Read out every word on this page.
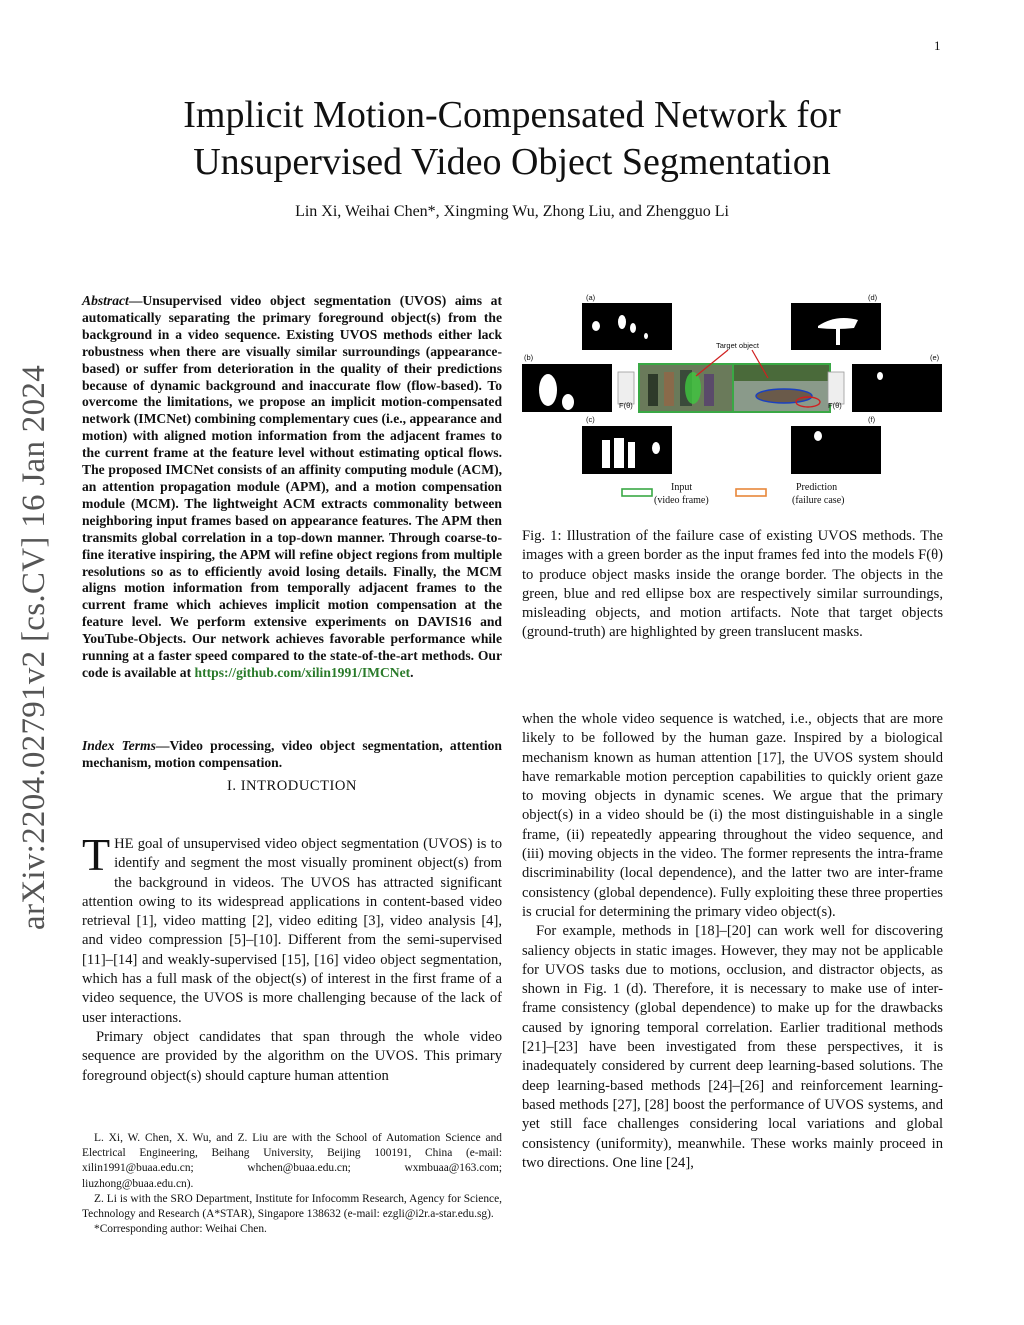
1
arXiv:2204.02791v2 [cs.CV] 16 Jan 2024
Implicit Motion-Compensated Network for
Unsupervised Video Object Segmentation
Lin Xi, Weihai Chen*, Xingming Wu, Zhong Liu, and Zhengguo Li
Abstract—Unsupervised video object segmentation (UVOS) aims at automatically separating the primary foreground object(s) from the background in a video sequence. Existing UVOS methods either lack robustness when there are visually similar surroundings (appearance-based) or suffer from deterioration in the quality of their predictions because of dynamic background and inaccurate flow (flow-based). To overcome the limitations, we propose an implicit motion-compensated network (IMCNet) combining complementary cues (i.e., appearance and motion) with aligned motion information from the adjacent frames to the current frame at the feature level without estimating optical flows. The proposed IMCNet consists of an affinity computing module (ACM), an attention propagation module (APM), and a motion compensation module (MCM). The lightweight ACM extracts commonality between neighboring input frames based on appearance features. The APM then transmits global correlation in a top-down manner. Through coarse-to-fine iterative inspiring, the APM will refine object regions from multiple resolutions so as to efficiently avoid losing details. Finally, the MCM aligns motion information from temporally adjacent frames to the current frame which achieves implicit motion compensation at the feature level. We perform extensive experiments on DAVIS16 and YouTube-Objects. Our network achieves favorable performance while running at a faster speed compared to the state-of-the-art methods. Our code is available at https://github.com/xilin1991/IMCNet.
Index Terms—Video processing, video object segmentation, attention mechanism, motion compensation.
I. INTRODUCTION

THE goal of unsupervised video object segmentation (UVOS) is to identify and segment the most visually prominent object(s) from the background in videos. The UVOS has attracted significant attention owing to its widespread applications in content-based video retrieval [1], video matting [2], video editing [3], video analysis [4], and video compression [5]–[10]. Different from the semi-supervised [11]–[14] and weakly-supervised [15], [16] video object segmentation, which has a full mask of the object(s) of interest in the first frame of a video sequence, the UVOS is more challenging because of the lack of user interactions.

Primary object candidates that span through the whole video sequence are provided by the algorithm on the UVOS. This primary foreground object(s) should capture human attention

L. Xi, W. Chen, X. Wu, and Z. Liu are with the School of Automation Science and Electrical Engineering, Beihang University, Beijing 100191, China (e-mail: xilin1991@buaa.edu.cn; whchen@buaa.edu.cn; wxmbuaa@163.com; liuzhong@buaa.edu.cn).

Z. Li is with the SRO Department, Institute for Infocomm Research, Agency for Science, Technology and Research (A*STAR), Singapore 138632 (e-mail: ezgli@i2r.a-star.edu.sg).

*Corresponding author: Weihai Chen.

(a)	(d)
(b)	(e)
(c)	(f)
F(θ)	F(θ)
Target object
Input
(video frame)
Prediction
(failure case)
Fig. 1: Illustration of the failure case of existing UVOS methods. The images with a green border as the input frames fed into the models F(θ) to produce object masks inside the orange border. The objects in the green, blue and red ellipse box are respectively similar surroundings, misleading objects, and motion artifacts. Note that target objects (ground-truth) are highlighted by green translucent masks.

when the whole video sequence is watched, i.e., objects that are more likely to be followed by the human gaze. Inspired by a biological mechanism known as human attention [17], the UVOS system should have remarkable motion perception capabilities to quickly orient gaze to moving objects in dynamic scenes. We argue that the primary object(s) in a video should be (i) the most distinguishable in a single frame, (ii) repeatedly appearing throughout the video sequence, and (iii) moving objects in the video. The former represents the intra-frame discriminability (local dependence), and the latter two are inter-frame consistency (global dependence). Fully exploiting these three properties is crucial for determining the primary video object(s).

For example, methods in [18]–[20] can work well for discovering saliency objects in static images. However, they may not be applicable for UVOS tasks due to motions, occlusion, and distractor objects, as shown in Fig. 1 (d). Therefore, it is necessary to make use of inter-frame consistency (global dependence) to make up for the drawbacks caused by ignoring temporal correlation. Earlier traditional methods [21]–[23] have been investigated from these perspectives, it is inadequately considered by current deep learning-based solutions. The deep learning-based methods [24]–[26] and reinforcement learning-based methods [27], [28] boost the performance of UVOS systems, and yet still face challenges considering local variations and global consistency (uniformity), meanwhile. These works mainly proceed in two directions. One line [24],
